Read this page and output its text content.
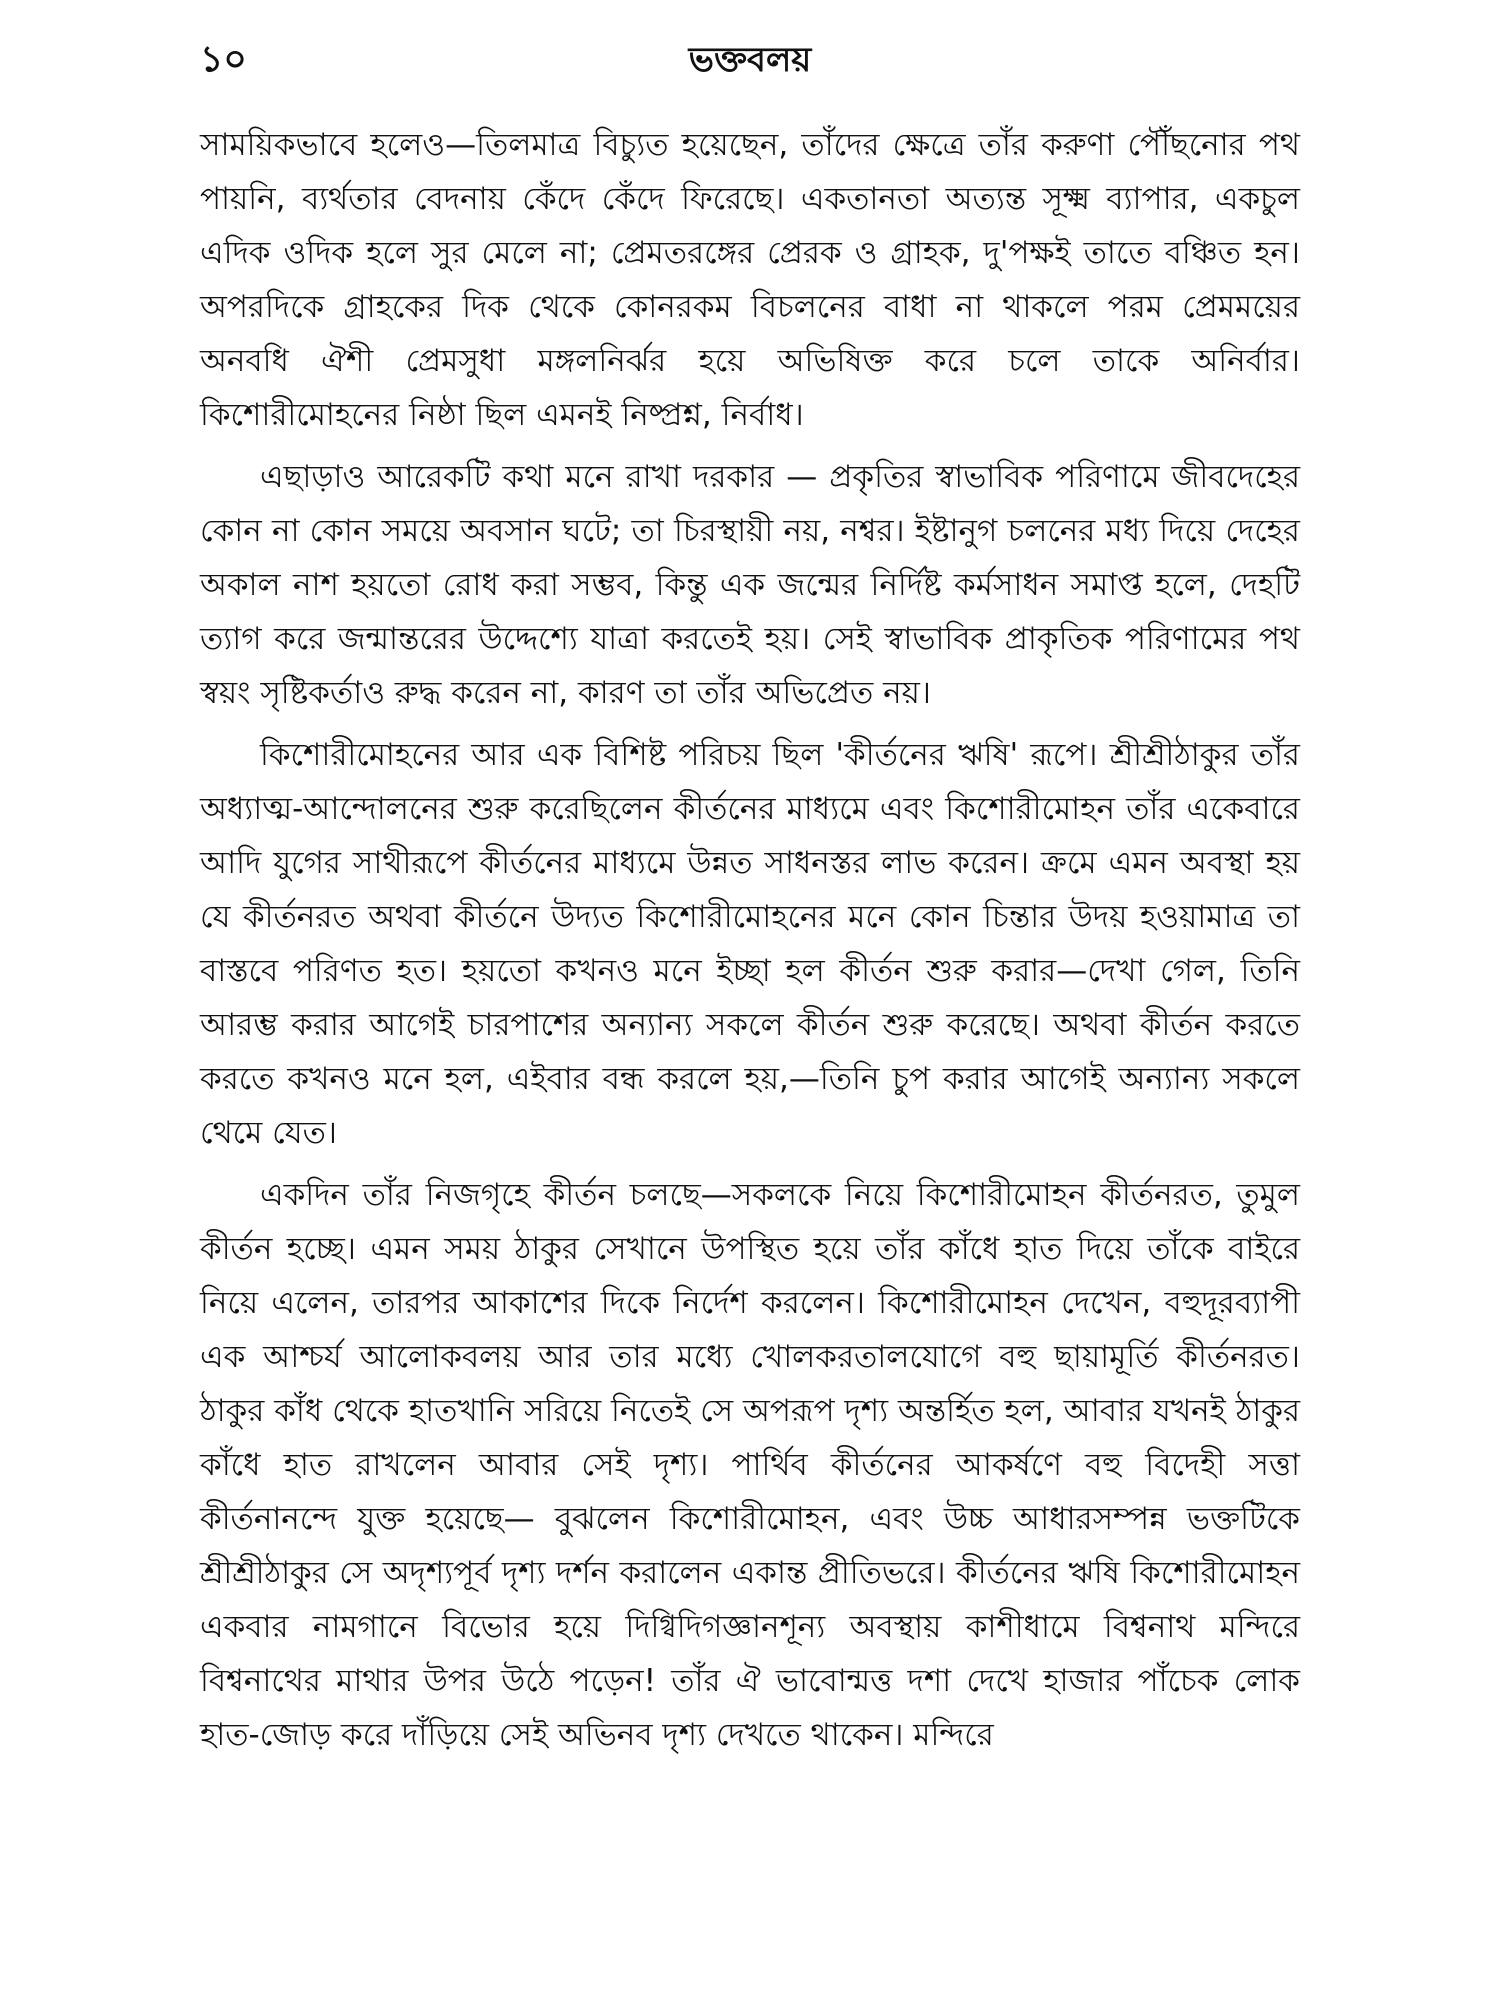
১০	ভক্তবলয়

সাময়িকভাবে হলেও—তিলমাত্র বিচ্যুত হয়েছেন, তাঁদের ক্ষেত্রে তাঁর করুণা পৌঁছনোর পথ পায়নি, ব্যর্থতার বেদনায় কেঁদে কেঁদে ফিরেছে। একতানতা অত্যন্ত সূক্ষ্ম ব্যাপার, একচুল এদিক ওদিক হলে সুর মেলে না; প্রেমতরঙ্গের প্রেরক ও গ্রাহক, দু'পক্ষই তাতে বঞ্চিত হন। অপরদিকে গ্রাহকের দিক থেকে কোনরকম বিচলনের বাধা না থাকলে পরম প্রেমময়ের অনবধি ঐশী প্রেমসুধা মঙ্গলনির্ঝর হয়ে অভিষিক্ত করে চলে তাকে অনির্বার। কিশোরীমোহনের নিষ্ঠা ছিল এমনই নিষ্প্রশ্ন, নির্বাধ।

এছাড়াও আরেকটি কথা মনে রাখা দরকার — প্রকৃতির স্বাভাবিক পরিণামে জীবদেহের কোন না কোন সময়ে অবসান ঘটে; তা চিরস্থায়ী নয়, নশ্বর। ইষ্টানুগ চলনের মধ্য দিয়ে দেহের অকাল নাশ হয়তো রোধ করা সম্ভব, কিন্তু এক জন্মের নির্দিষ্ট কর্মসাধন সমাপ্ত হলে, দেহটি ত্যাগ করে জন্মান্তরের উদ্দেশ্যে যাত্রা করতেই হয়। সেই স্বাভাবিক প্রাকৃতিক পরিণামের পথ স্বয়ং সৃষ্টিকর্তাও রুদ্ধ করেন না, কারণ তা তাঁর অভিপ্রেত নয়।

কিশোরীমোহনের আর এক বিশিষ্ট পরিচয় ছিল 'কীর্তনের ঋষি' রূপে। শ্রীশ্রীঠাকুর তাঁর অধ্যাত্ম-আন্দোলনের শুরু করেছিলেন কীর্তনের মাধ্যমে এবং কিশোরীমোহন তাঁর একেবারে আদি যুগের সাথীরূপে কীর্তনের মাধ্যমে উন্নত সাধনস্তর লাভ করেন। ক্রমে এমন অবস্থা হয় যে কীর্তনরত অথবা কীর্তনে উদ্যত কিশোরীমোহনের মনে কোন চিন্তার উদয় হওয়ামাত্র তা বাস্তবে পরিণত হত। হয়তো কখনও মনে ইচ্ছা হল কীর্তন শুরু করার—দেখা গেল, তিনি আরম্ভ করার আগেই চারপাশের অন্যান্য সকলে কীর্তন শুরু করেছে। অথবা কীর্তন করতে করতে কখনও মনে হল, এইবার বন্ধ করলে হয়,—তিনি চুপ করার আগেই অন্যান্য সকলে থেমে যেত।

একদিন তাঁর নিজগৃহে কীর্তন চলছে—সকলকে নিয়ে কিশোরীমোহন কীর্তনরত, তুমুল কীর্তন হচ্ছে। এমন সময় ঠাকুর সেখানে উপস্থিত হয়ে তাঁর কাঁধে হাত দিয়ে তাঁকে বাইরে নিয়ে এলেন, তারপর আকাশের দিকে নির্দেশ করলেন। কিশোরীমোহন দেখেন, বহুদূরব্যাপী এক আশ্চর্য আলোকবলয় আর তার মধ্যে খোলকরতালযোগে বহু ছায়ামূর্তি কীর্তনরত। ঠাকুর কাঁধ থেকে হাতখানি সরিয়ে নিতেই সে অপরূপ দৃশ্য অন্তর্হিত হল, আবার যখনই ঠাকুর কাঁধে হাত রাখলেন আবার সেই দৃশ্য। পার্থিব কীর্তনের আকর্ষণে বহু বিদেহী সত্তা কীর্তনানন্দে যুক্ত হয়েছে— বুঝলেন কিশোরীমোহন, এবং উচ্চ আধারসম্পন্ন ভক্তটিকে শ্রীশ্রীঠাকুর সে অদৃশ্যপূর্ব দৃশ্য দর্শন করালেন একান্ত প্রীতিভরে। কীর্তনের ঋষি কিশোরীমোহন একবার নামগানে বিভোর হয়ে দিগ্বিদিগজ্ঞানশূন্য অবস্থায় কাশীধামে বিশ্বনাথ মন্দিরে বিশ্বনাথের মাথার উপর উঠে পড়েন! তাঁর ঐ ভাবোন্মত্ত দশা দেখে হাজার পাঁচেক লোক হাত-জোড় করে দাঁড়িয়ে সেই অভিনব দৃশ্য দেখতে থাকেন। মন্দিরে
